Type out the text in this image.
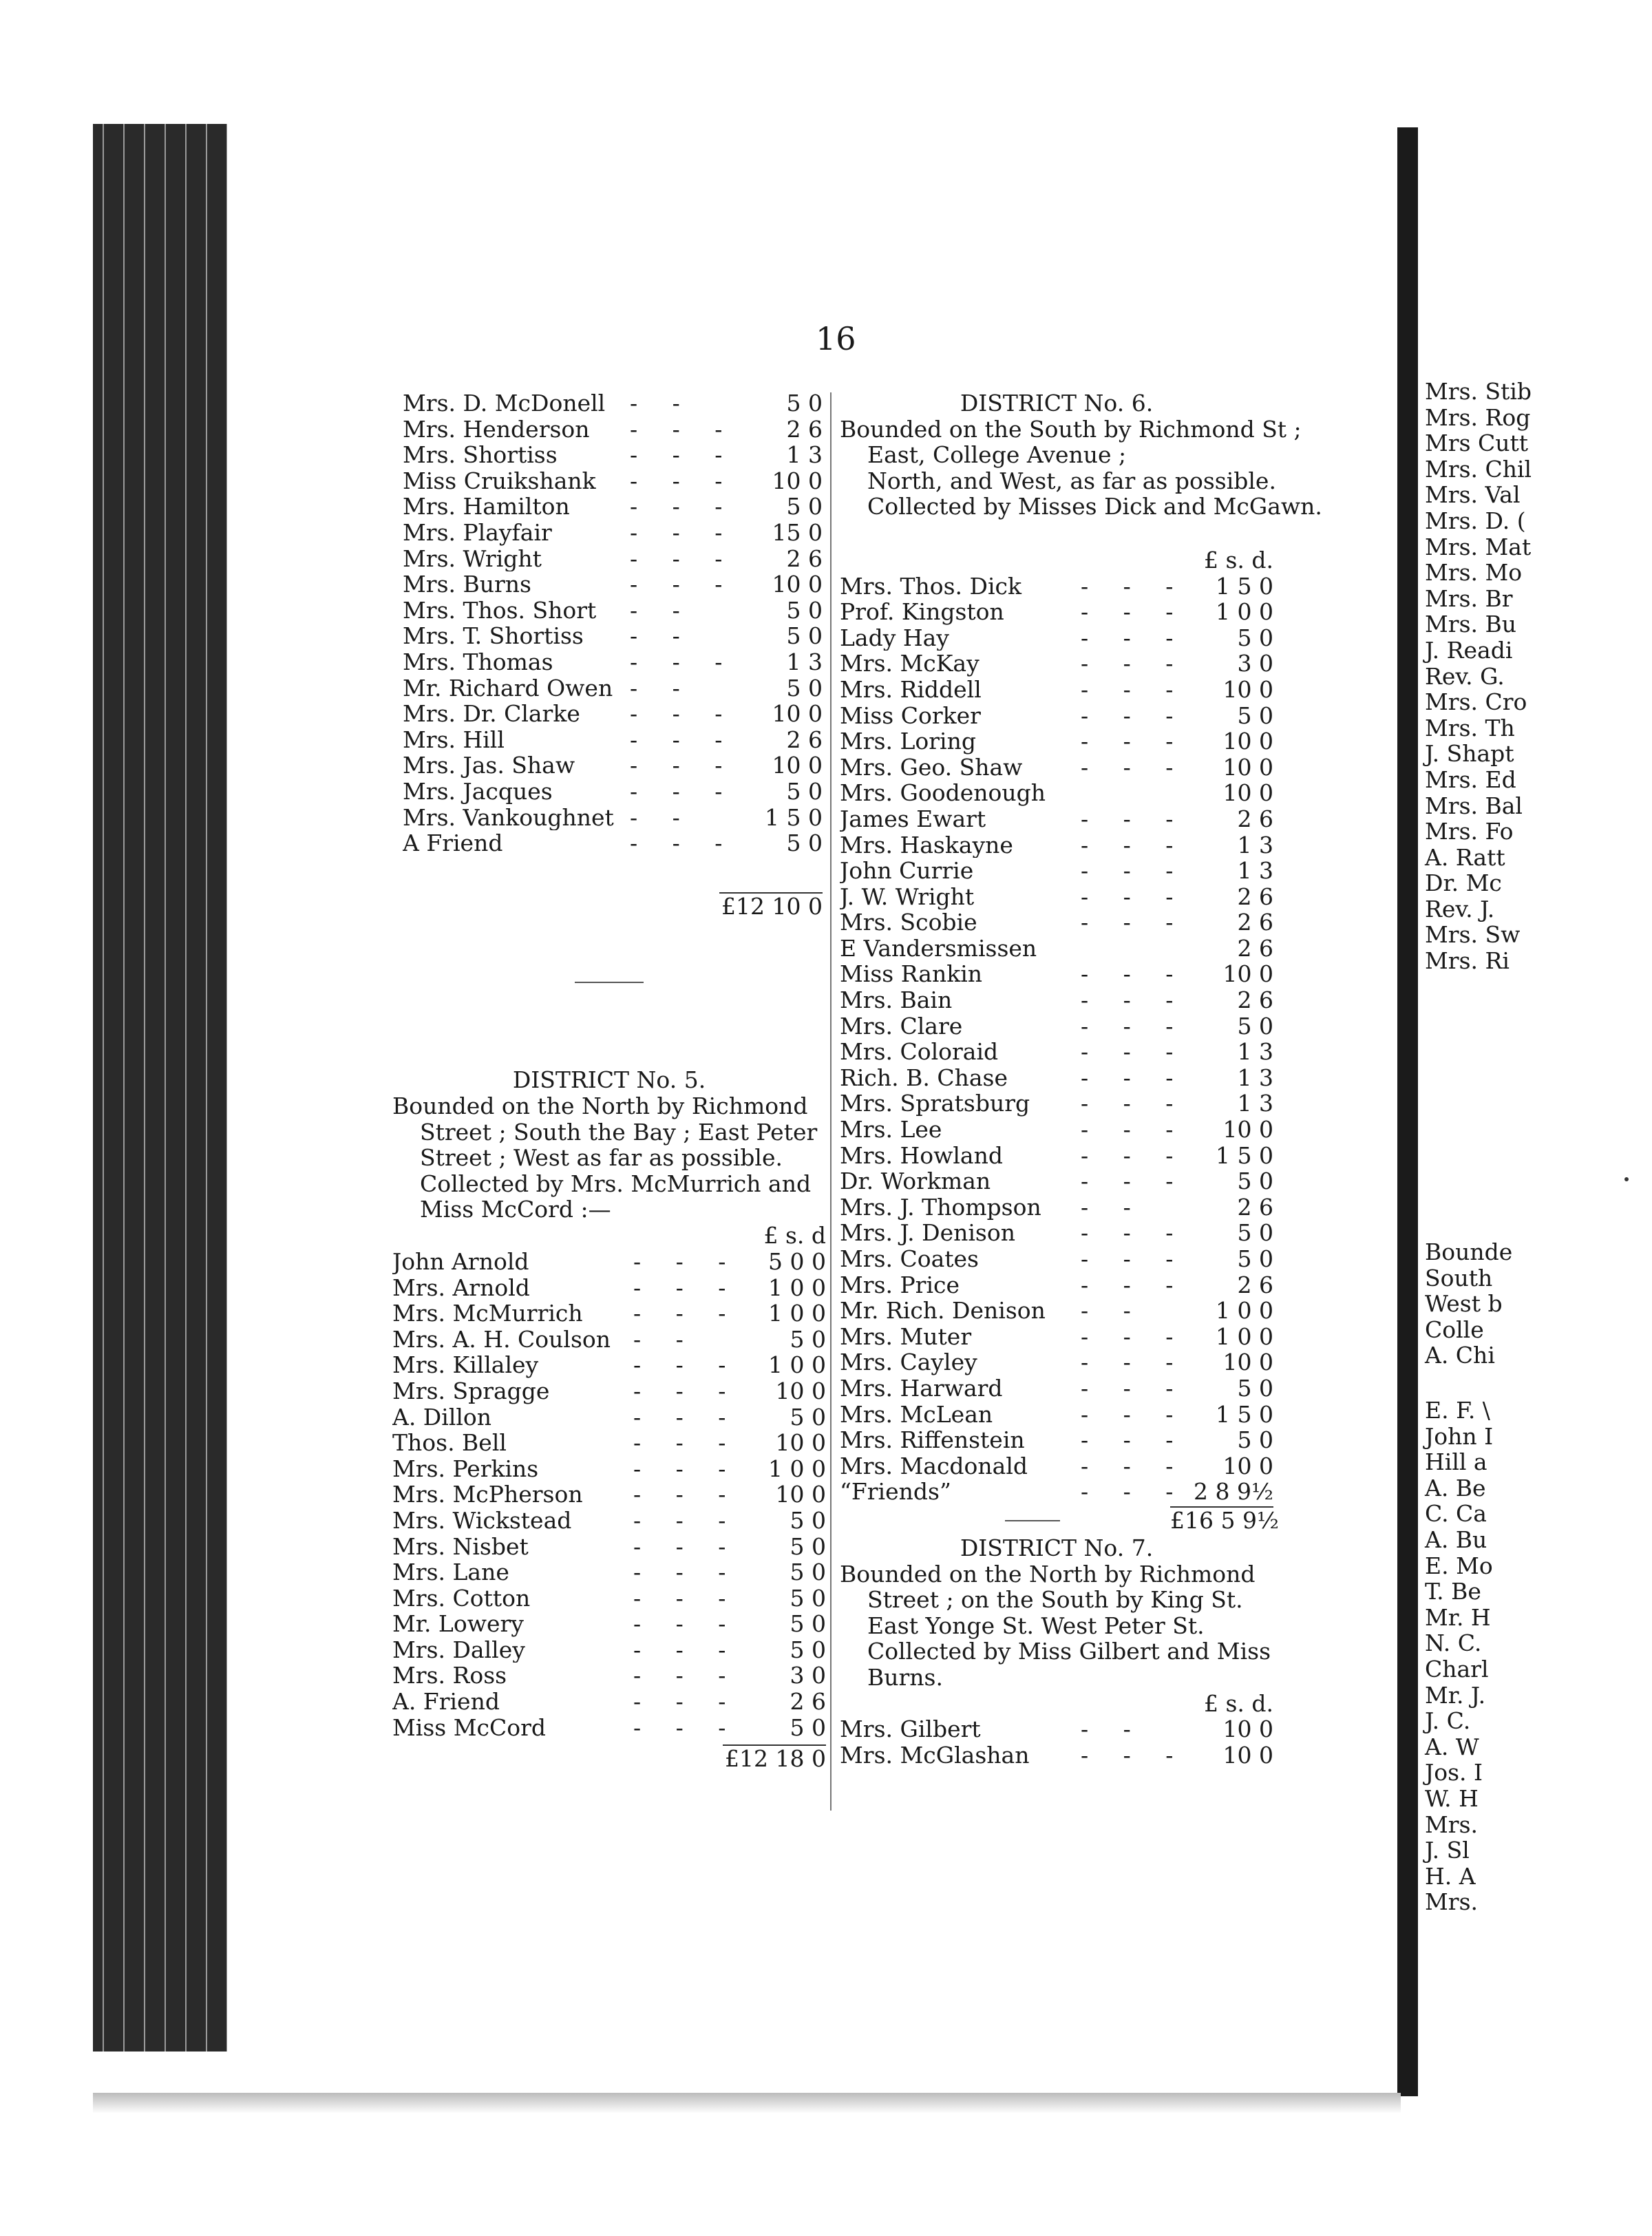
16
Mrs. D. McDonell	- -	5 0
Mrs. Henderson	- - -	2 6
Mrs. Shortiss	- - -	1 3
Miss Cruikshank	- - -	10 0
Mrs. Hamilton	- - -	5 0
Mrs. Playfair	- - -	15 0
Mrs. Wright	- - -	2 6
Mrs. Burns	- - -	10 0
Mrs. Thos. Short	- -	5 0
Mrs. T. Shortiss	- -	5 0
Mrs. Thomas	- - -	1 3
Mr. Richard Owen - -	5 0
Mrs. Dr. Clarke	- - -	10 0
Mrs. Hill	- - -	2 6
Mrs. Jas. Shaw	- - -	10 0
Mrs. Jacques	- - -	5 0
Mrs. Vankoughnet - -	1 5 0
A Friend	- - -	5 0
£12 10 0
DISTRICT No. 5.
Bounded on the North by Richmond
Street ; South the Bay ; East Peter
Street ; West as far as possible.
Collected by Mrs. McMurrich and
Miss McCord :—
£ s. d
John Arnold	- - -	5 0 0
Mrs. Arnold	- - -	1 0 0
Mrs. McMurrich	- - -	1 0 0
Mrs. A. H. Coulson - -	5 0
Mrs. Killaley	- - -	1 0 0
Mrs. Spragge	- - -	10 0
A. Dillon	- - -	5 0
Thos. Bell	- - -	10 0
Mrs. Perkins	- - -	1 0 0
Mrs. McPherson	- - -	10 0
Mrs. Wickstead	- - -	5 0
Mrs. Nisbet	- - -	5 0
Mrs. Lane	- - -	5 0
Mrs. Cotton	- - -	5 0
Mr. Lowery	- - -	5 0
Mrs. Dalley	- - -	5 0
Mrs. Ross	- - -	3 0
A. Friend	- - -	2 6
Miss McCord	- - -	5 0
£12 18 0
DISTRICT No. 6.
Bounded on the South by Richmond St ;
East, College Avenue ;
North, and West, as far as possible.
Collected by Misses Dick and McGawn.
£ s. d.
Mrs. Thos. Dick	- - -	1 5 0
Prof. Kingston	- - -	1 0 0
Lady Hay	- - -	5 0
Mrs. McKay	- - -	3 0
Mrs. Riddell	- - -	10 0
Miss Corker	- - -	5 0
Mrs. Loring	- - -	10 0
Mrs. Geo. Shaw	- - -	10 0
Mrs. Goodenough	10 0
James Ewart	- - -	2 6
Mrs. Haskayne	- - -	1 3
John Currie	- - -	1 3
J. W. Wright	- - -	2 6
Mrs. Scobie	- - -	2 6
E Vandersmissen	2 6
Miss Rankin	- - -	10 0
Mrs. Bain	- - -	2 6
Mrs. Clare	- - -	5 0
Mrs. Coloraid	- - -	1 3
Rich. B. Chase	- - -	1 3
Mrs. Spratsburg	- - -	1 3
Mrs. Lee	- - -	10 0
Mrs. Howland	- - -	1 5 0
Dr. Workman	- - -	5 0
Mrs. J. Thompson	- -	2 6
Mrs. J. Denison	- - -	5 0
Mrs. Coates	- - -	5 0
Mrs. Price	- - -	2 6
Mr. Rich. Denison	- -	1 0 0
Mrs. Muter	- - -	1 0 0
Mrs. Cayley	- - -	10 0
Mrs. Harward	- - -	5 0
Mrs. McLean	- - -	1 5 0
Mrs. Riffenstein	- - -	5 0
Mrs. Macdonald	- - -	10 0
“Friends”	- - - 2 8 9½
£16 5 9½
DISTRICT No. 7.
Bounded on the North by Richmond
Street ; on the South by King St.
East Yonge St. West Peter St.
Collected by Miss Gilbert and Miss
Burns.
£ s. d.
Mrs. Gilbert	- -	10 0
Mrs. McGlashan	- - -	10 0
Mrs. Stib
Mrs. Rog
Mrs Cutt
Mrs. Chil
Mrs. Val
Mrs. D. (
Mrs. Mat
Mrs. Mo
Mrs. Br
Mrs. Bu
J. Readi
Rev. G.
Mrs. Cro
Mrs. Th
J. Shapt
Mrs. Ed
Mrs. Bal
Mrs. Fo
A. Ratt
Dr. Mc
Rev. J.
Mrs. Sw
Mrs. Ri
Bounde
South
West b
Colle
A. Chi
E. F. \
John I
Hill a
A. Be
C. Ca
A. Bu
E. Mo
T. Be
Mr. H
N. C.
Charl
Mr. J.
J. C.
A. W
Jos. I
W. H
Mrs.
J. Sl
H. A
Mrs.
